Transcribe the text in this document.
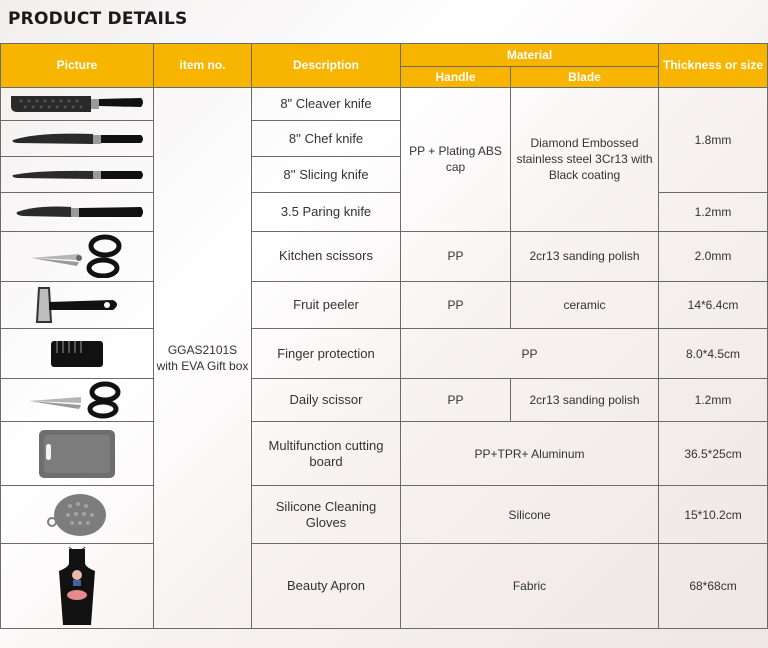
PRODUCT DETAILS
Picture	item no.	Description	Material		Thickness or size
			Handle	Blade	

	GGAS2101S with EVA Gift box	8" Cleaver knife	PP + Plating ABS cap	Diamond Embossed stainless steel 3Cr13 with Black coating	1.8mm

	8'' Chef knife			

	8'' Slicing knife			

	3.5 Paring knife			1.2mm

	Kitchen scissors	PP	2cr13 sanding polish	2.0mm

	Fruit peeler	PP	ceramic	14*6.4cm

	Finger protection	PP		8.0*4.5cm

	Daily scissor	PP	2cr13 sanding polish	1.2mm

	Multifunction cutting board	PP+TPR+ Aluminum		36.5*25cm

	Silicone Cleaning Gloves	Silicone		15*10.2cm

	Beauty Apron	Fabric		68*68cm
